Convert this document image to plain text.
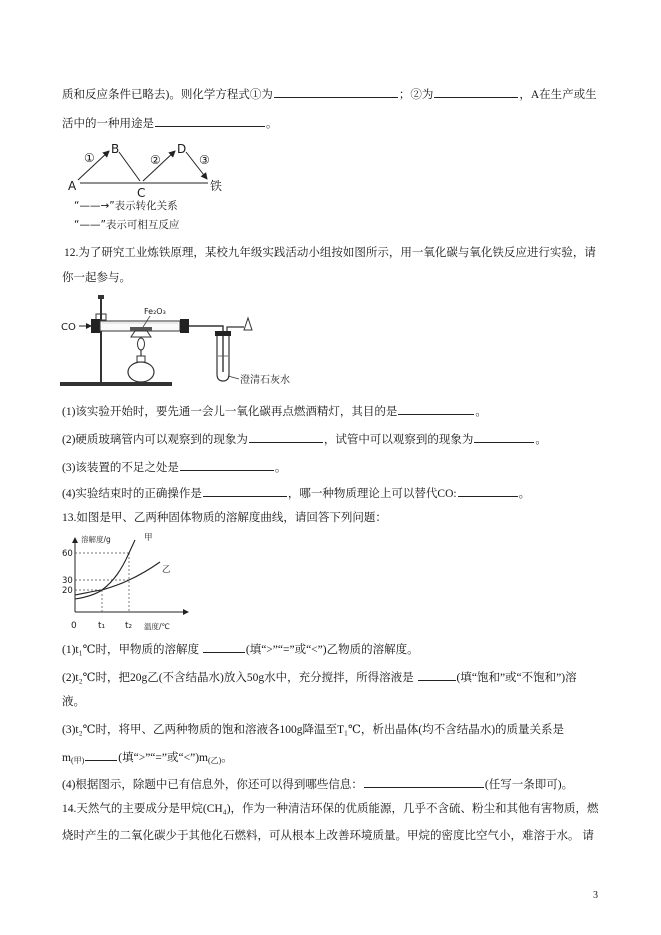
质和反应条件已略去)。则化学方程式①为	；②为	，A在生产或生
活中的一种用途是	。
①
B
②
D
③
A	C	铁
“——→”表示转化关系
“——”表示可相互反应
12.为了研究工业炼铁原理，某校九年级实践活动小组按如图所示，用一氧化碳与氧化铁反应进行实验，请
你一起参与。
CO
Fe₂O₃
澄清石灰水
(1)该实验开始时，要先通一会儿一氧化碳再点燃酒精灯，其目的是	。
(2)硬质玻璃管内可以观察到的现象为	，试管中可以观察到的现象为	。
(3)该装置的不足之处是	。
(4)实验结束时的正确操作是	，哪一种物质理论上可以替代CO:	。
13.如图是甲、乙两种固体物质的溶解度曲线，请回答下列问题：
溶解度/g
60
30
20
0 t₁ t₂ 温度/℃
甲
乙
(1)t₁℃时，甲物质的溶解度	(填“>”“=”或“<”)乙物质的溶解度。
(2)t₂℃时，把20g乙(不含结晶水)放入50g水中，充分搅拌，所得溶液是	(填“饱和”或“不饱和”)溶
液。
(3)t₂℃时，将甲、乙两种物质的饱和溶液各100g降温至T₁℃，析出晶体(均不含结晶水)的质量关系是
$m_{(甲)}$	(填“>”“=”或“$<”)m_{(乙)}$。
(4)根据图示，除题中已有信息外，你还可以得到哪些信息：	(任写一条即可)。
14.天然气的主要成分是甲烷(CH₄)，作为一种清洁环保的优质能源，几乎不含硫、粉尘和其他有害物质，燃
烧时产生的二氧化碳少于其他化石燃料，可从根本上改善环境质量。甲烷的密度比空气小，难溶于水。 请
3
